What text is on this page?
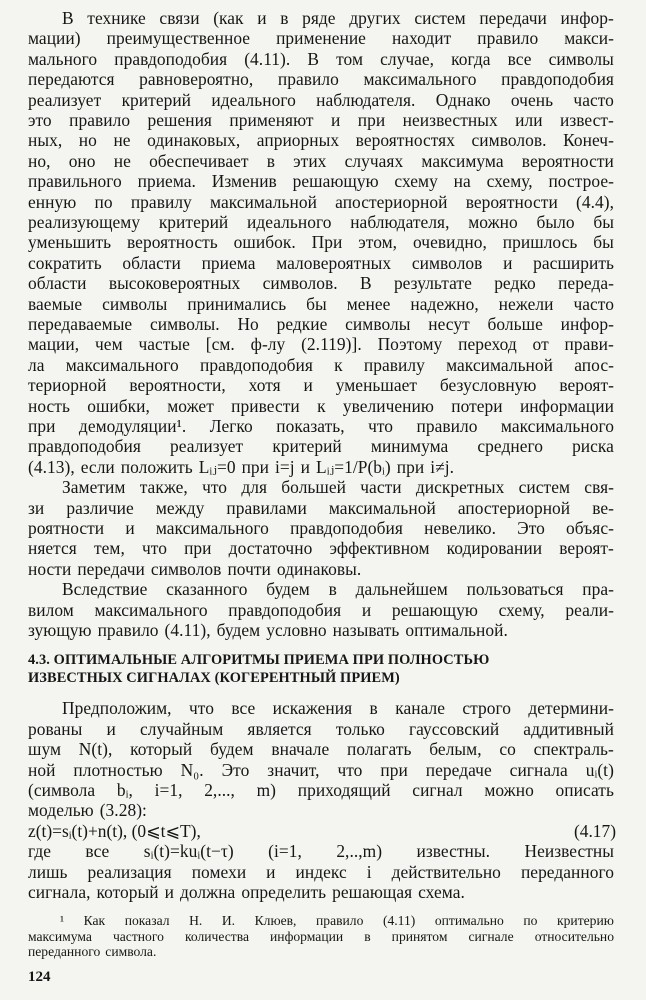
В технике связи (как и в ряде других систем передачи инфор-
мации) преимущественное применение находит правило макси-
мального правдоподобия (4.11). В том случае, когда все символы
передаются равновероятно, правило максимального правдоподобия
реализует критерий идеального наблюдателя. Однако очень часто
это правило решения применяют и при неизвестных или извест-
ных, но не одинаковых, априорных вероятностях символов. Конеч-
но, оно не обеспечивает в этих случаях максимума вероятности
правильного приема. Изменив решающую схему на схему, построе-
енную по правилу максимальной апостериорной вероятности (4.4),
реализующему критерий идеального наблюдателя, можно было бы
уменьшить вероятность ошибок. При этом, очевидно, пришлось бы
сократить области приема маловероятных символов и расширить
области высоковероятных символов. В результате редко переда-
ваемые символы принимались бы менее надежно, нежели часто
передаваемые символы. Но редкие символы несут больше инфор-
мации, чем частые [см. ф-лу (2.119)]. Поэтому переход от прави-
ла максимального правдоподобия к правилу максимальной апос-
териорной вероятности, хотя и уменьшает безусловную вероят-
ность ошибки, может привести к увеличению потери информации
при демодуляции¹. Легко показать, что правило максимального
правдоподобия реализует критерий минимума среднего риска
(4.13), если положить Lᵢⱼ=0 при i=j и Lᵢⱼ=1/P(bᵢ) при i≠j.
Заметим также, что для большей части дискретных систем свя-
зи различие между правилами максимальной апостериорной ве-
роятности и максимального правдоподобия невелико. Это объяс-
няется тем, что при достаточно эффективном кодировании вероят-
ности передачи символов почти одинаковы.
Вследствие сказанного будем в дальнейшем пользоваться пра-
вилом максимального правдоподобия и решающую схему, реали-
зующую правило (4.11), будем условно называть оптимальной.
4.3. ОПТИМАЛЬНЫЕ АЛГОРИТМЫ ПРИЕМА ПРИ ПОЛНОСТЬЮ
ИЗВЕСТНЫХ СИГНАЛАХ (КОГЕРЕНТНЫЙ ПРИЕМ)
Предположим, что все искажения в канале строго детермини-
рованы и случайным является только гауссовский аддитивный
шум N(t), который будем вначале полагать белым, со спектраль-
ной плотностью N₀. Это значит, что при передаче сигнала uᵢ(t)
(символа bᵢ, i=1, 2,..., m) приходящий сигнал можно описать
моделью (3.28):
z(t)=sᵢ(t)+n(t), (0⩽t⩽T),	(4.17)
где все sᵢ(t)=kuᵢ(t−τ) (i=1, 2,..,m) известны. Неизвестны
лишь реализация помехи и индекс i действительно переданного
сигнала, который и должна определить решающая схема.
¹ Как показал Н. И. Клюев, правило (4.11) оптимально по критерию
максимума частного количества информации в принятом сигнале относительно
переданного символа.
124
